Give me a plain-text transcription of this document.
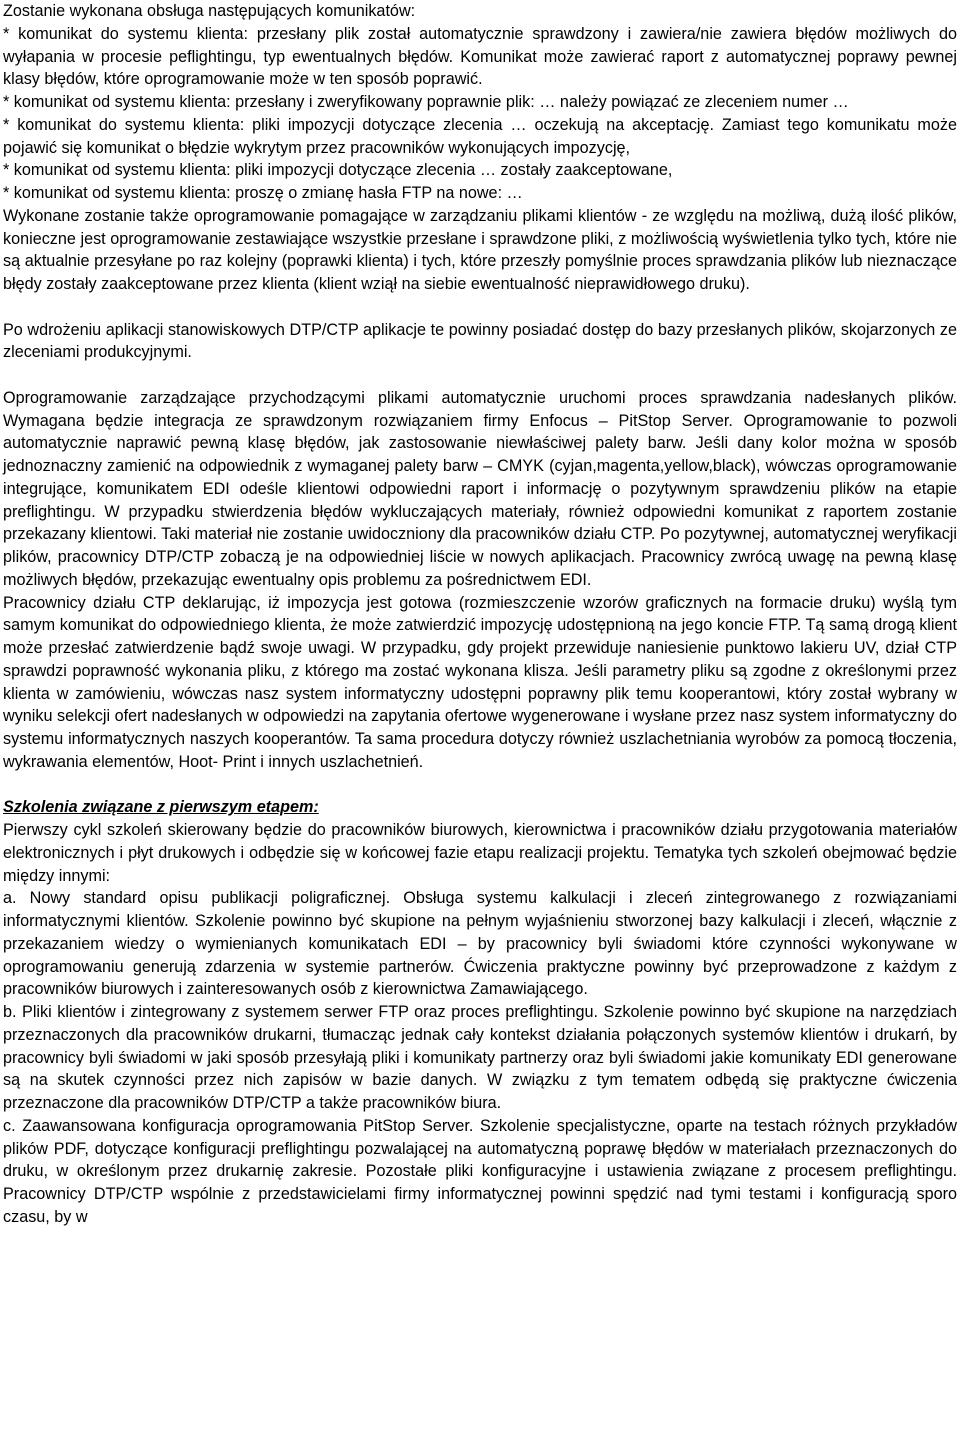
Zostanie wykonana obsługa następujących komunikatów:

* komunikat do systemu klienta: przesłany plik został automatycznie sprawdzony i zawiera/nie zawiera błędów możliwych do wyłapania w procesie peflightingu, typ ewentualnych błędów. Komunikat może zawierać raport z automatycznej poprawy pewnej klasy błędów, które oprogramowanie może w ten sposób poprawić.

* komunikat od systemu klienta: przesłany i zweryfikowany poprawnie plik: … należy powiązać ze zleceniem numer …

* komunikat do systemu klienta: pliki impozycji dotyczące zlecenia … oczekują na akceptację. Zamiast tego komunikatu może pojawić się komunikat o błędzie wykrytym przez pracowników wykonujących impozycję,

* komunikat od systemu klienta: pliki impozycji dotyczące zlecenia … zostały zaakceptowane,

* komunikat od systemu klienta: proszę o zmianę hasła FTP na nowe: …

Wykonane zostanie także oprogramowanie pomagające w zarządzaniu plikami klientów - ze względu na możliwą, dużą ilość plików, konieczne jest oprogramowanie zestawiające wszystkie przesłane i sprawdzone pliki, z możliwością wyświetlenia tylko tych, które nie są aktualnie przesyłane po raz kolejny (poprawki klienta) i tych, które przeszły pomyślnie proces sprawdzania plików lub nieznaczące błędy zostały zaakceptowane przez klienta (klient wziął na siebie ewentualność nieprawidłowego druku).

Po wdrożeniu aplikacji stanowiskowych DTP/CTP aplikacje te powinny posiadać dostęp do bazy przesłanych plików, skojarzonych ze zleceniami produkcyjnymi.

Oprogramowanie zarządzające przychodzącymi plikami automatycznie uruchomi proces sprawdzania nadesłanych plików. Wymagana będzie integracja ze sprawdzonym rozwiązaniem firmy Enfocus – PitStop Server. Oprogramowanie to pozwoli automatycznie naprawić pewną klasę błędów, jak zastosowanie niewłaściwej palety barw. Jeśli dany kolor można w sposób jednoznaczny zamienić na odpowiednik z wymaganej palety barw – CMYK (cyjan,magenta,yellow,black), wówczas oprogramowanie integrujące, komunikatem EDI odeśle klientowi odpowiedni raport i informację o pozytywnym sprawdzeniu plików na etapie preflightingu. W przypadku stwierdzenia błędów wykluczających materiały, również odpowiedni komunikat z raportem zostanie przekazany klientowi. Taki materiał nie zostanie uwidoczniony dla pracowników działu CTP. Po pozytywnej, automatycznej weryfikacji plików, pracownicy DTP/CTP zobaczą je na odpowiedniej liście w nowych aplikacjach. Pracownicy zwrócą uwagę na pewną klasę możliwych błędów, przekazując ewentualny opis problemu za pośrednictwem EDI.

Pracownicy działu CTP deklarując, iż impozycja jest gotowa (rozmieszczenie wzorów graficznych na formacie druku) wyślą tym samym komunikat do odpowiedniego klienta, że może zatwierdzić impozycję udostępnioną na jego koncie FTP. Tą samą drogą klient może przesłać zatwierdzenie bądź swoje uwagi. W przypadku, gdy projekt przewiduje naniesienie punktowo lakieru UV, dział CTP sprawdzi poprawność wykonania pliku, z którego ma zostać wykonana klisza. Jeśli parametry pliku są zgodne z określonymi przez klienta w zamówieniu, wówczas nasz system informatyczny udostępni poprawny plik temu kooperantowi, który został wybrany w wyniku selekcji ofert nadesłanych w odpowiedzi na zapytania ofertowe wygenerowane i wysłane przez nasz system informatyczny do systemu informatycznych naszych kooperantów. Ta sama procedura dotyczy również uszlachetniania wyrobów za pomocą tłoczenia, wykrawania elementów, Hoot- Print i innych uszlachetnień.

Szkolenia związane z pierwszym etapem:

Pierwszy cykl szkoleń skierowany będzie do pracowników biurowych, kierownictwa i pracowników działu przygotowania materiałów elektronicznych i płyt drukowych i odbędzie się w końcowej fazie etapu realizacji projektu. Tematyka tych szkoleń obejmować będzie między innymi:

a. Nowy standard opisu publikacji poligraficznej. Obsługa systemu kalkulacji i zleceń zintegrowanego z rozwiązaniami informatycznymi klientów. Szkolenie powinno być skupione na pełnym wyjaśnieniu stworzonej bazy kalkulacji i zleceń, włącznie z przekazaniem wiedzy o wymienianych komunikatach EDI – by pracownicy byli świadomi które czynności wykonywane w oprogramowaniu generują zdarzenia w systemie partnerów. Ćwiczenia praktyczne powinny być przeprowadzone z każdym z pracowników biurowych i zainteresowanych osób z kierownictwa Zamawiającego.

b. Pliki klientów i zintegrowany z systemem serwer FTP oraz proces preflightingu. Szkolenie powinno być skupione na narzędziach przeznaczonych dla pracowników drukarni, tłumacząc jednak cały kontekst działania połączonych systemów klientów i drukarń, by pracownicy byli świadomi w jaki sposób przesyłają pliki i komunikaty partnerzy oraz byli świadomi jakie komunikaty EDI generowane są na skutek czynności przez nich zapisów w bazie danych. W związku z tym tematem odbędą się praktyczne ćwiczenia przeznaczone dla pracowników DTP/CTP a także pracowników biura.

c. Zaawansowana konfiguracja oprogramowania PitStop Server. Szkolenie specjalistyczne, oparte na testach różnych przykładów plików PDF, dotyczące konfiguracji preflightingu pozwalającej na automatyczną poprawę błędów w materiałach przeznaczonych do druku, w określonym przez drukarnię zakresie. Pozostałe pliki konfiguracyjne i ustawienia związane z procesem preflightingu. Pracownicy DTP/CTP wspólnie z przedstawicielami firmy informatycznej powinni spędzić nad tymi testami i konfiguracją sporo czasu, by w
